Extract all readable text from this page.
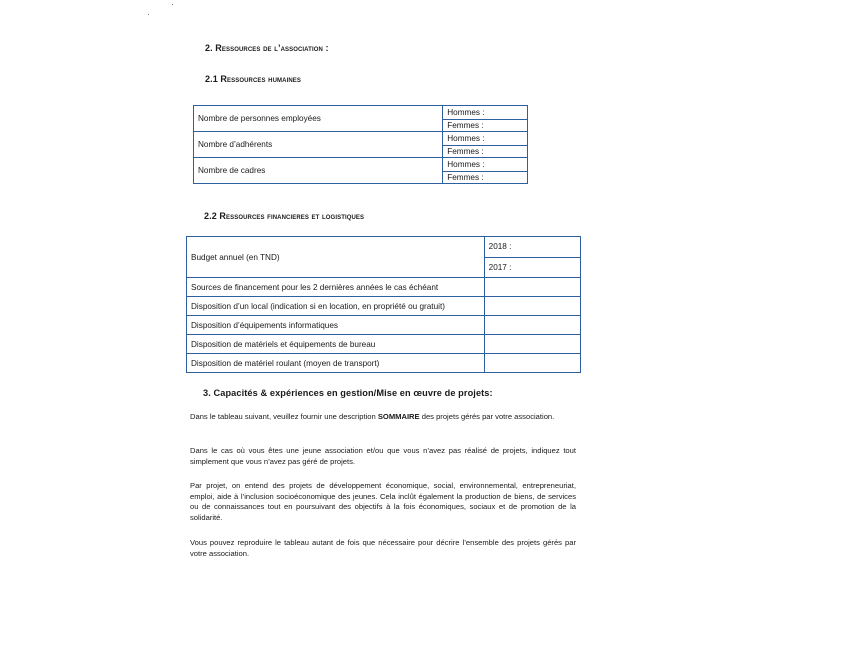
2. Ressources de l’association :
2.1 Ressources humaines
Nombre de personnes employées	Hommes :
	Femmes :
Nombre d’adhérents	Hommes :
	Femmes :
Nombre de cadres	Hommes :
	Femmes :
2.2 Ressources financieres et logistiques
Budget annuel (en TND)	2018 :
	2017 :
Sources de financement pour les 2 dernières années le cas échéant	
Disposition d’un local (indication si en location, en propriété ou gratuit)	
Disposition d’équipements informatiques	
Disposition de matériels et équipements de bureau	
Disposition de matériel roulant (moyen de transport)	
3. Capacités & expériences en gestion/Mise en œuvre de projets:
Dans le tableau suivant, veuillez fournir une description SOMMAIRE des projets gérés par votre association.
Dans le cas où vous êtes une jeune association et/ou que vous n’avez pas réalisé de projets, indiquez tout simplement que vous n’avez pas géré de projets.
Par projet, on entend des projets de développement économique, social, environnemental, entrepreneuriat, emploi, aide à l’inclusion socioéconomique des jeunes. Cela inclût également la production de biens, de services ou de connaissances tout en poursuivant des objectifs à la fois économiques, sociaux et de promotion de la solidarité.
Vous pouvez reproduire le tableau autant de fois que nécessaire pour décrire l’ensemble des projets gérés par votre association.
